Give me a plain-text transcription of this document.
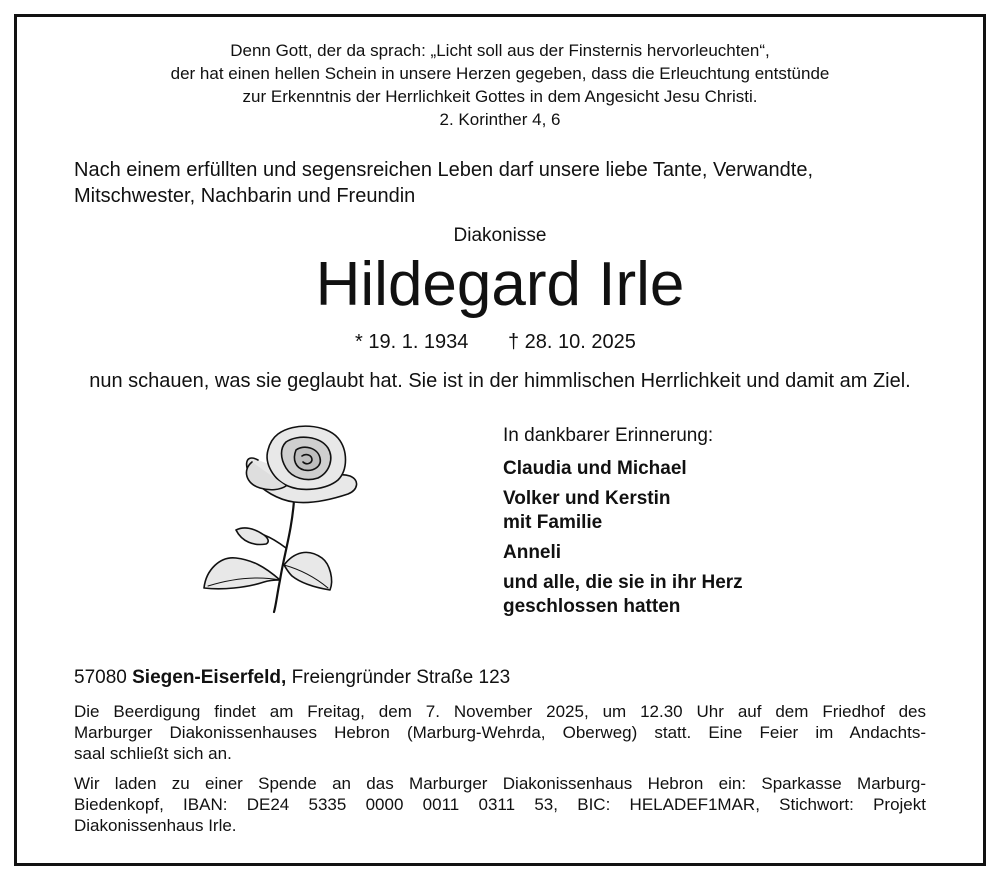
Denn Gott, der da sprach: „Licht soll aus der Finsternis hervorleuchten“,
der hat einen hellen Schein in unsere Herzen gegeben, dass die Erleuchtung entstünde
zur Erkenntnis der Herrlichkeit Gottes in dem Angesicht Jesu Christi.
2. Korinther 4, 6
Nach einem erfüllten und segensreichen Leben darf unsere liebe Tante, Verwandte,
Mitschwester, Nachbarin und Freundin
Diakonisse
Hildegard Irle
* 19. 1. 1934 † 28. 10. 2025
nun schauen, was sie geglaubt hat. Sie ist in der himmlischen Herrlichkeit und damit am Ziel.
In dankbarer Erinnerung:
Claudia und Michael
Volker und Kerstin
mit Familie
Anneli
und alle, die sie in ihr Herz
geschlossen hatten
57080 Siegen-Eiserfeld, Freiengründer Straße 123
Die Beerdigung findet am Freitag, dem 7. November 2025, um 12.30 Uhr auf dem Friedhof des
Marburger Diakonissenhauses Hebron (Marburg-Wehrda, Oberweg) statt. Eine Feier im Andachts-
saal schließt sich an.
Wir laden zu einer Spende an das Marburger Diakonissenhaus Hebron ein: Sparkasse Marburg-
Biedenkopf, IBAN: DE24 5335 0000 0011 0311 53, BIC: HELADEF1MAR, Stichwort: Projekt
Diakonissenhaus Irle.
